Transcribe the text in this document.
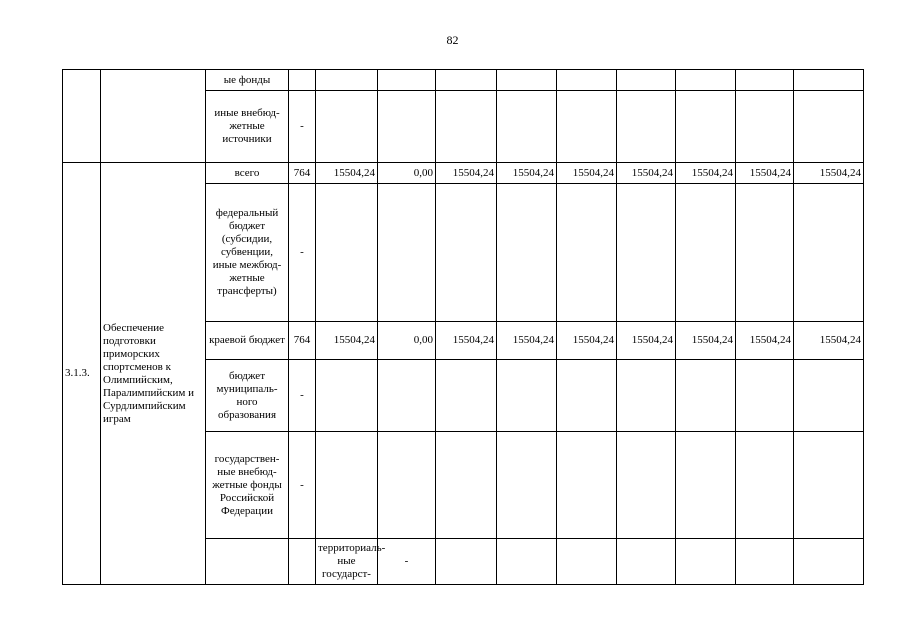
82
		ые фонды											
		иные внебюд-жетные источники	-										
3.1.3.	Обеспечение подготовки приморских спортсменов к Олимпийским, Паралимпийским и Сурдлимпийским играм	всего	764	15504,24	0,00	15504,24	15504,24	15504,24	15504,24	15504,24	15504,24	15504,24	
		федеральный бюджет (субсидии, субвенции, иные межбюд-жетные трансферты)	-										
		краевой бюджет	764	15504,24	0,00	15504,24	15504,24	15504,24	15504,24	15504,24	15504,24	15504,24	
		бюджет муниципаль-ного образования	-										
		государствен-ные внебюд-жетные фонды Российской Федерации	-										
				территориаль-ные государст-	-										
